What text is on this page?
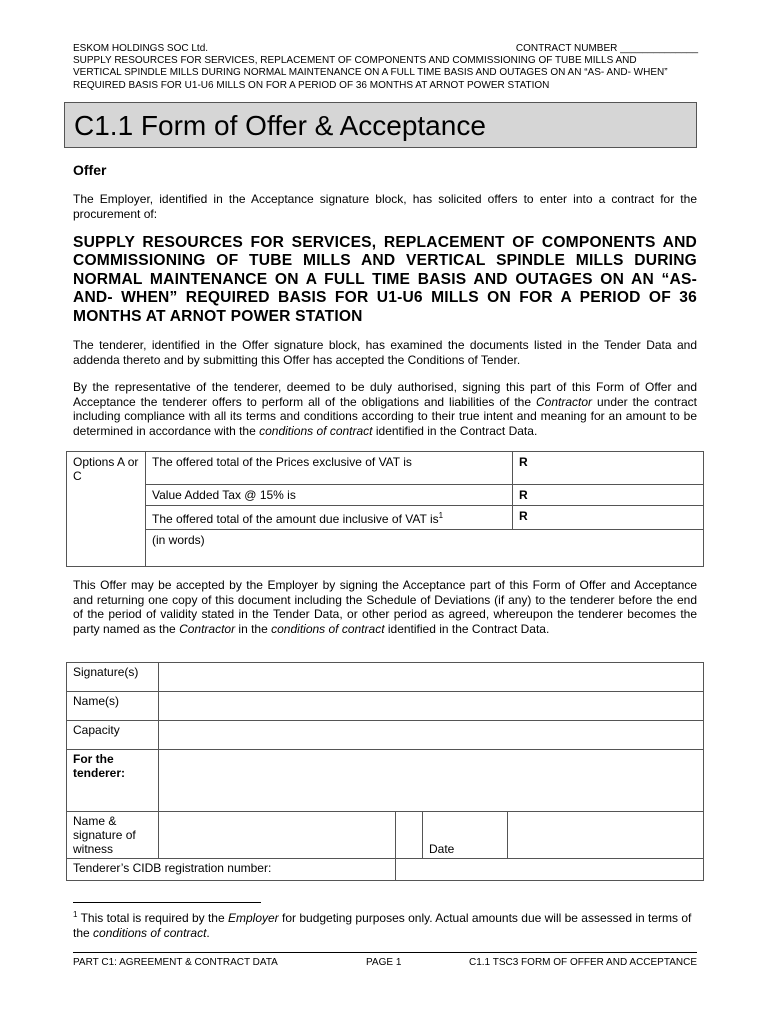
ESKOM HOLDINGS SOC Ltd.	CONTRACT NUMBER ______________
SUPPLY RESOURCES FOR SERVICES, REPLACEMENT OF COMPONENTS AND COMMISSIONING OF TUBE MILLS AND
VERTICAL SPINDLE MILLS DURING NORMAL MAINTENANCE ON A FULL TIME BASIS AND OUTAGES ON AN “AS- AND- WHEN”
REQUIRED BASIS FOR U1-U6 MILLS ON FOR A PERIOD OF 36 MONTHS AT ARNOT POWER STATION
C1.1 Form of Offer & Acceptance
Offer
The Employer, identified in the Acceptance signature block, has solicited offers to enter into a contract for the procurement of:
SUPPLY RESOURCES FOR SERVICES, REPLACEMENT OF COMPONENTS AND COMMISSIONING OF TUBE MILLS AND VERTICAL SPINDLE MILLS DURING NORMAL MAINTENANCE ON A FULL TIME BASIS AND OUTAGES ON AN “AS- AND- WHEN” REQUIRED BASIS FOR U1-U6 MILLS ON FOR A PERIOD OF 36 MONTHS AT ARNOT POWER STATION
The tenderer, identified in the Offer signature block, has examined the documents listed in the Tender Data and addenda thereto and by submitting this Offer has accepted the Conditions of Tender.
By the representative of the tenderer, deemed to be duly authorised, signing this part of this Form of Offer and Acceptance the tenderer offers to perform all of the obligations and liabilities of the Contractor under the contract including compliance with all its terms and conditions according to their true intent and meaning for an amount to be determined in accordance with the conditions of contract identified in the Contract Data.
Options A or C	The offered total of the Prices exclusive of VAT is	R
	Value Added Tax @ 15% is	R
	The offered total of the amount due inclusive of VAT $is^1$	R
	(in words)	
This Offer may be accepted by the Employer by signing the Acceptance part of this Form of Offer and Acceptance and returning one copy of this document including the Schedule of Deviations (if any) to the tenderer before the end of the period of validity stated in the Tender Data, or other period as agreed, whereupon the tenderer becomes the party named as the Contractor in the conditions of contract identified in the Contract Data.
Signature(s)				
Name(s)				
Capacity				
For the tenderer:				
Name & signature of witness			Date	
Tenderer’s CIDB registration number:				
$^1$ This total is required by the Employer for budgeting purposes only. Actual amounts due will be assessed in terms of the conditions of contract.
PART C1: AGREEMENT & CONTRACT DATA	PAGE 1	C1.1 TSC3 FORM OF OFFER AND ACCEPTANCE
